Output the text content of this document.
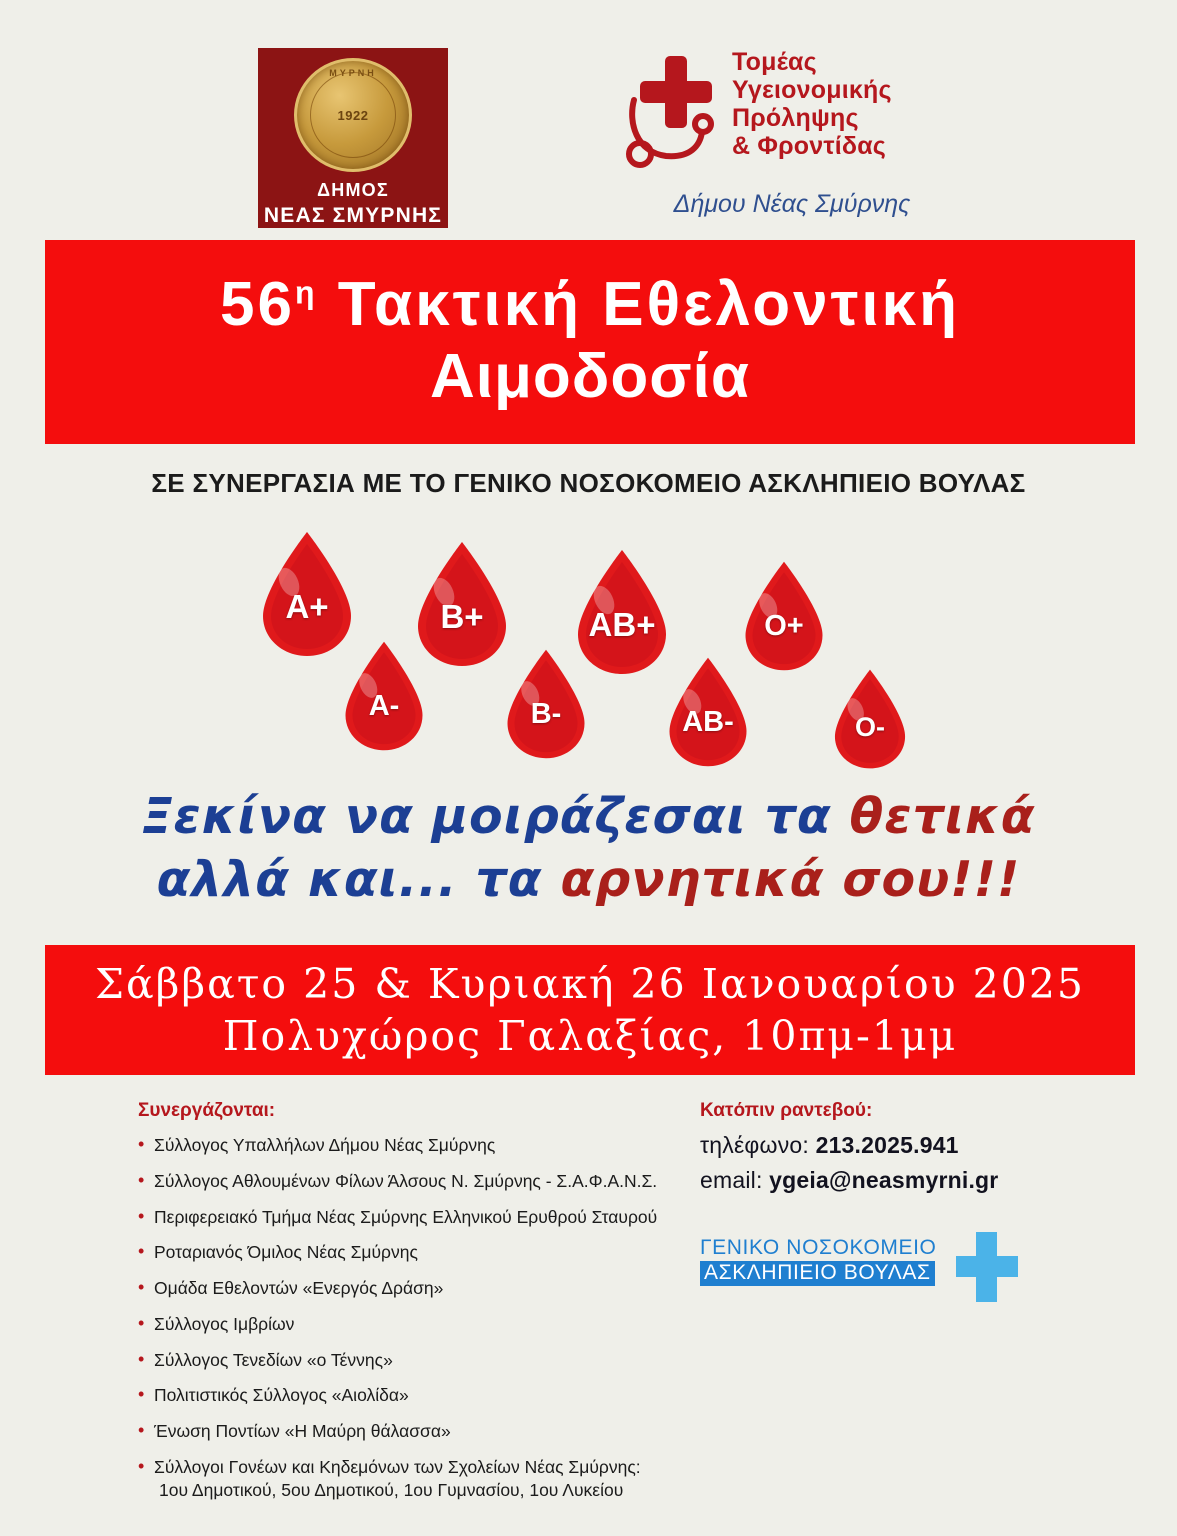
ΜΥΡΝΗ
1922
ΔΗΜΟΣ
ΝΕΑΣ ΣΜΥΡΝΗΣ
Τομέας
Υγειονομικής
Πρόληψης
& Φροντίδας
Δήμου Νέας Σμύρνης
$56^\eta$ Τακτική Εθελοντική
Αιμοδοσία
ΣΕ ΣΥΝΕΡΓΑΣΙΑ ΜΕ ΤΟ ΓΕΝΙΚΟ ΝΟΣΟΚΟΜΕΙΟ ΑΣΚΛΗΠΙΕΙΟ ΒΟΥΛΑΣ
A+	B+	AB+	O+
A-	B-	AB-	O-
Ξεκίνα να μοιράζεσαι τα θετικά
αλλά και... τα αρνητικά σου!!!
Σάββατο 25 & Κυριακή 26 Ιανουαρίου 2025
Πολυχώρος Γαλαξίας, 10πμ-1μμ
Συνεργάζονται:
• Σύλλογος Υπαλλήλων Δήμου Νέας Σμύρνης
• Σύλλογος Αθλουμένων Φίλων Άλσους Ν. Σμύρνης - Σ.Α.Φ.Α.Ν.Σ.
• Περιφερειακό Τμήμα Νέας Σμύρνης Ελληνικού Ερυθρού Σταυρού
• Ροταριανός Όμιλος Νέας Σμύρνης
• Ομάδα Εθελοντών «Ενεργός Δράση»
• Σύλλογος Ιμβρίων
• Σύλλογος Τενεδίων «ο Τέννης»
• Πολιτιστικός Σύλλογος «Αιολίδα»
• Ένωση Ποντίων «Η Μαύρη θάλασσα»
• Σύλλογοι Γονέων και Κηδεμόνων των Σχολείων Νέας Σμύρνης:
1ου Δημοτικού, 5ου Δημοτικού, 1ου Γυμνασίου, 1ου Λυκείου
Κατόπιν ραντεβού:
τηλέφωνο: 213.2025.941
email: ygeia@neasmyrni.gr
ΓΕΝΙΚΟ ΝΟΣΟΚΟΜΕΙΟ
ΑΣΚΛΗΠΙΕΙΟ ΒΟΥΛΑΣ
